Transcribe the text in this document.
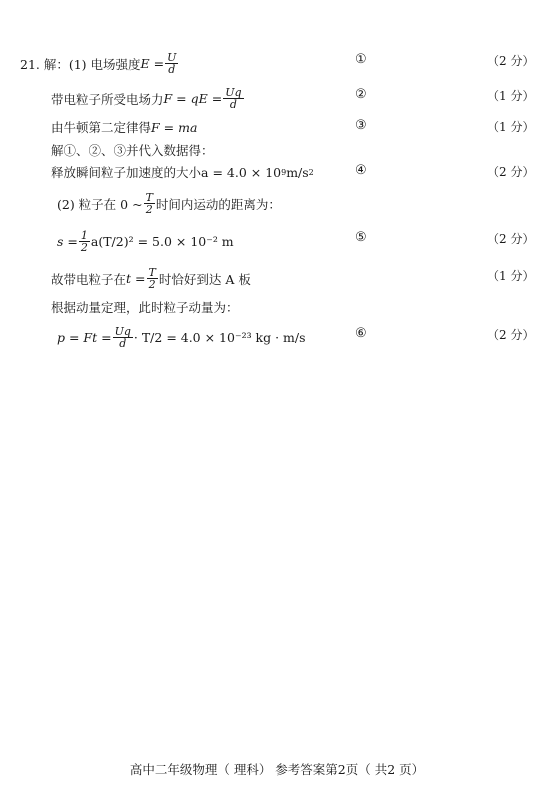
21. 解：(1) 电场强度 $E = \frac{U}{d}$	①	（2 分）
带电粒子所受电场力 F = qE = $\frac{Uq}{d}$	②	（1 分）
由牛顿第二定律得 F = ma	③	（1 分）
解①、②、③并代入数据得：
释放瞬间粒子加速度的大小 a = 4.0 × 10 9 m/s 2	④	（2 分）
(2) 粒子在 0 ~ $\frac{T}{2}$ 时间内运动的距离为：
$s = \frac{1}{2} a(T/2)^2 = 5.0 \times 10^{-2}$ m	⑤	（2 分）
故带电粒子在 $t = \frac{T}{2}$ 时恰好到达 A 板	（1 分）
根据动量定理，此时粒子动量为：
$p = Ft = \frac{Uq}{d} \cdot T/2 = 4.0 \times 10^{-23}$ kg · m/s	⑥	（2 分）
高中二年级物理（ 理科） 参考答案第2页（ 共2 页）
